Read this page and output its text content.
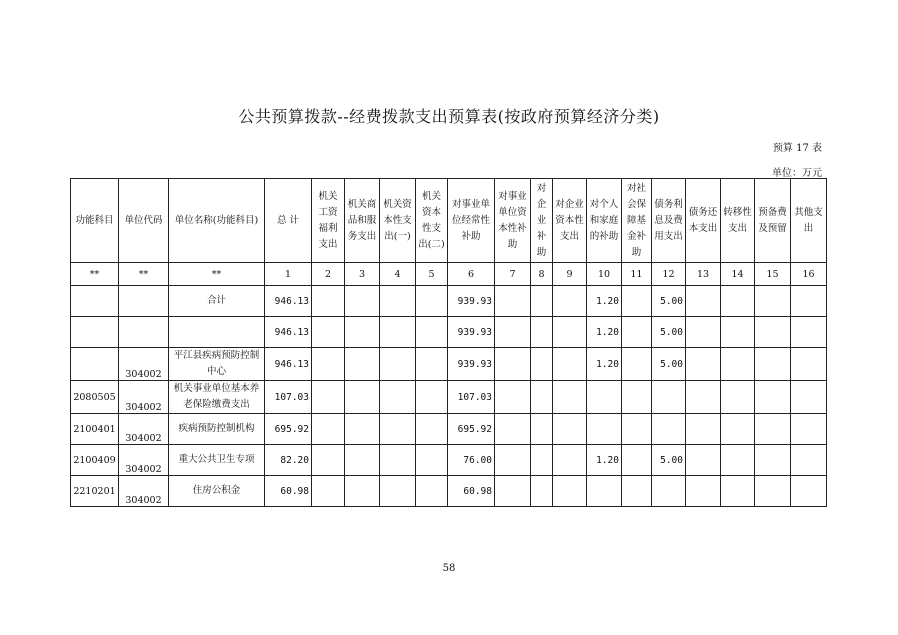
公共预算拨款--经费拨款支出预算表(按政府预算经济分类)
预算 17 表
单位：万元
功能科目	单位代码	单位名称(功能科目)	总 计	机关工资福利支出	机关商品和服务支出	机关资本性支出(一)	机关资本性支出(二)	对事业单位经常性补助	对事业单位资本性补助	对企业补助	对企业资本性支出	对个人和家庭的补助	对社会保障基金补助	债务利息及费用支出	债务还本支出	转移性支出	预备费及预留	其他支出
**	**	**	1	2	3	4	5	6	7	8	9	10	11	12	13	14	15	16
		合计	946.13					939.93				1.20		5.00				
			946.13					939.93				1.20		5.00				
	304002	平江县疾病预防控制中心	946.13					939.93				1.20		5.00				
2080505	304002	机关事业单位基本养老保险缴费支出	107.03					107.03										
2100401	304002	疾病预防控制机构	695.92					695.92										
2100409	304002	重大公共卫生专项	82.20					76.00				1.20		5.00				
2210201	304002	住房公积金	60.98					60.98										
58
